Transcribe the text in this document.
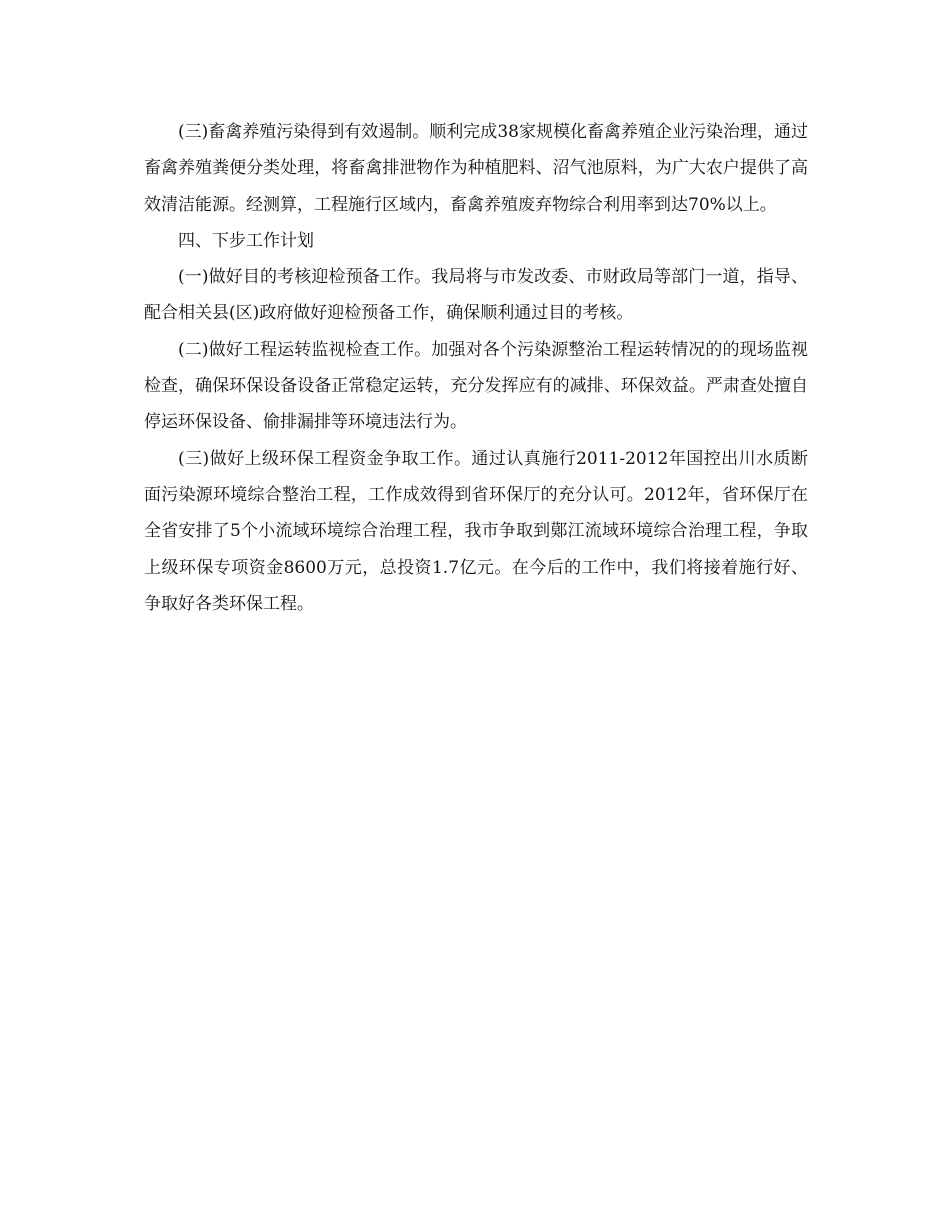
(三)畜禽养殖污染得到有效遏制。顺利完成38家规模化畜禽养殖企业污染治理，通过畜禽养殖粪便分类处理，将畜禽排泄物作为种植肥料、沼气池原料，为广大农户提供了高效清洁能源。经测算，工程施行区域内，畜禽养殖废弃物综合利用率到达70%以上。

四、下步工作计划

(一)做好目的考核迎检预备工作。我局将与市发改委、市财政局等部门一道，指导、配合相关县(区)政府做好迎检预备工作，确保顺利通过目的考核。

(二)做好工程运转监视检查工作。加强对各个污染源整治工程运转情况的的现场监视检查，确保环保设备设备正常稳定运转，充分发挥应有的减排、环保效益。严肃查处擅自停运环保设备、偷排漏排等环境违法行为。

(三)做好上级环保工程资金争取工作。通过认真施行2011-2012年国控出川水质断面污染源环境综合整治工程，工作成效得到省环保厅的充分认可。2012年，省环保厅在全省安排了5个小流域环境综合治理工程，我市争取到鄚江流域环境综合治理工程，争取上级环保专项资金8600万元，总投资1.7亿元。在今后的工作中，我们将接着施行好、争取好各类环保工程。
